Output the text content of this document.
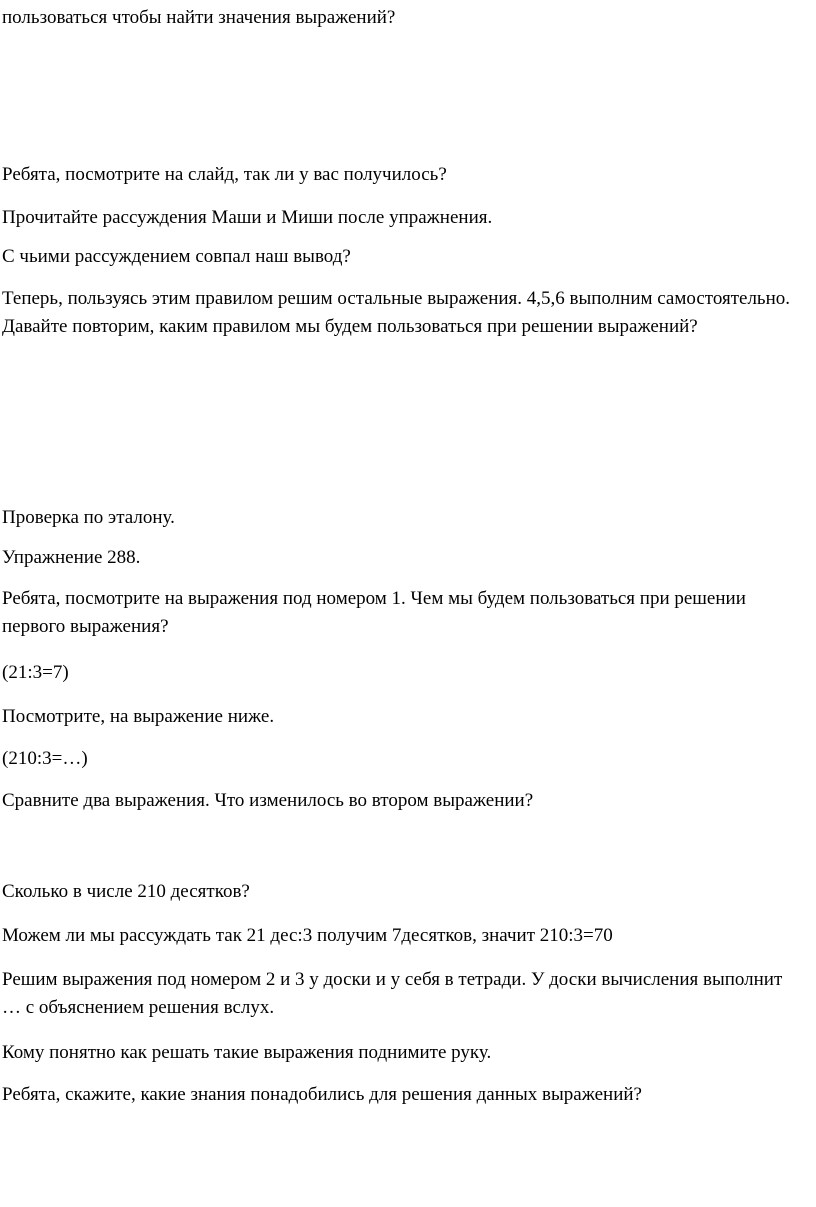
пользоваться чтобы найти значения выражений?

Ребята, посмотрите на слайд, так ли у вас получилось?

Прочитайте рассуждения Маши и Миши после упражнения.

С чьими рассуждением совпал наш вывод?

Теперь, пользуясь этим правилом решим остальные выражения. 4,5,6 выполним самостоятельно. Давайте повторим, каким правилом мы будем пользоваться при решении выражений?

Проверка по эталону.

Упражнение 288.

Ребята, посмотрите на выражения под номером 1. Чем мы будем пользоваться при решении первого выражения?

(21:3=7)

Посмотрите, на выражение ниже.

(210:3=…)

Сравните два выражения. Что изменилось во втором выражении?

Сколько в числе 210 десятков?

Можем ли мы рассуждать так 21 дес:3 получим 7десятков, значит 210:3=70

Решим выражения под номером 2 и 3 у доски и у себя в тетради. У доски вычисления выполнит … с объяснением решения вслух.

Кому понятно как решать такие выражения поднимите руку.

Ребята, скажите, какие знания понадобились для решения данных выражений?
